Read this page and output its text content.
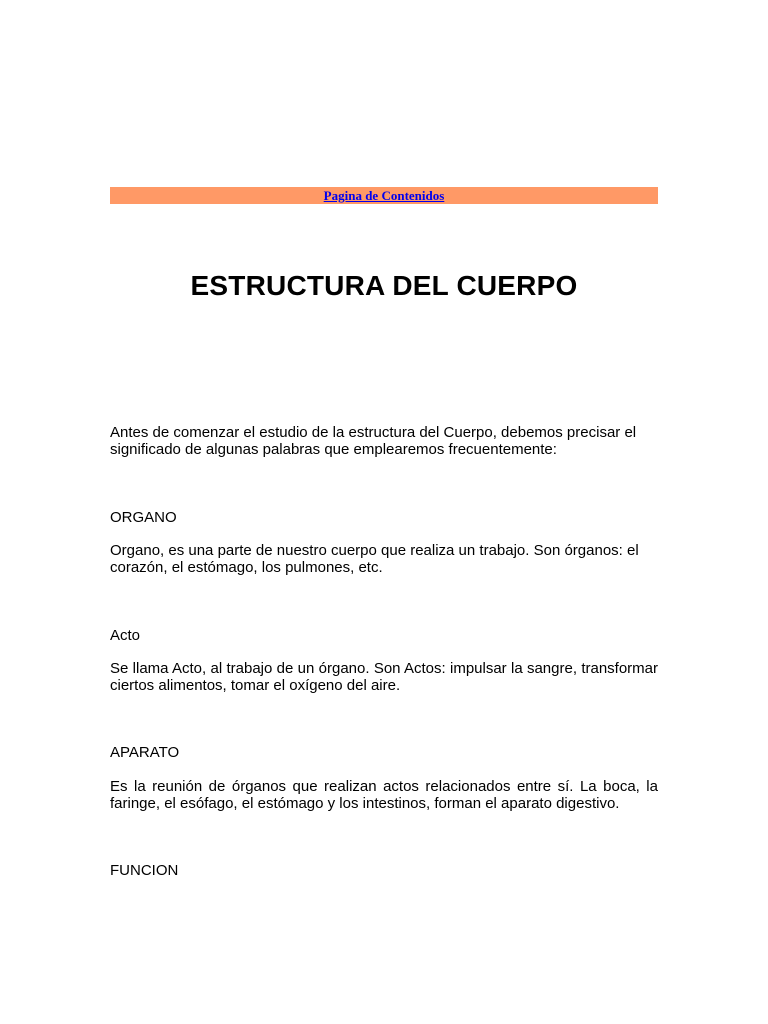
Pagina de Contenidos
ESTRUCTURA DEL CUERPO

Antes de comenzar el estudio de la estructura del Cuerpo, debemos precisar el significado de algunas palabras que emplearemos frecuentemente:

ORGANO

Organo, es una parte de nuestro cuerpo que realiza un trabajo. Son órganos: el corazón, el estómago, los pulmones, etc.

Acto

Se llama Acto, al trabajo de un órgano. Son Actos: impulsar la sangre, transformar ciertos alimentos, tomar el oxígeno del aire.

APARATO

Es la reunión de órganos que realizan actos relacionados entre sí. La boca, la faringe, el esófago, el estómago y los intestinos, forman el aparato digestivo.

FUNCION
